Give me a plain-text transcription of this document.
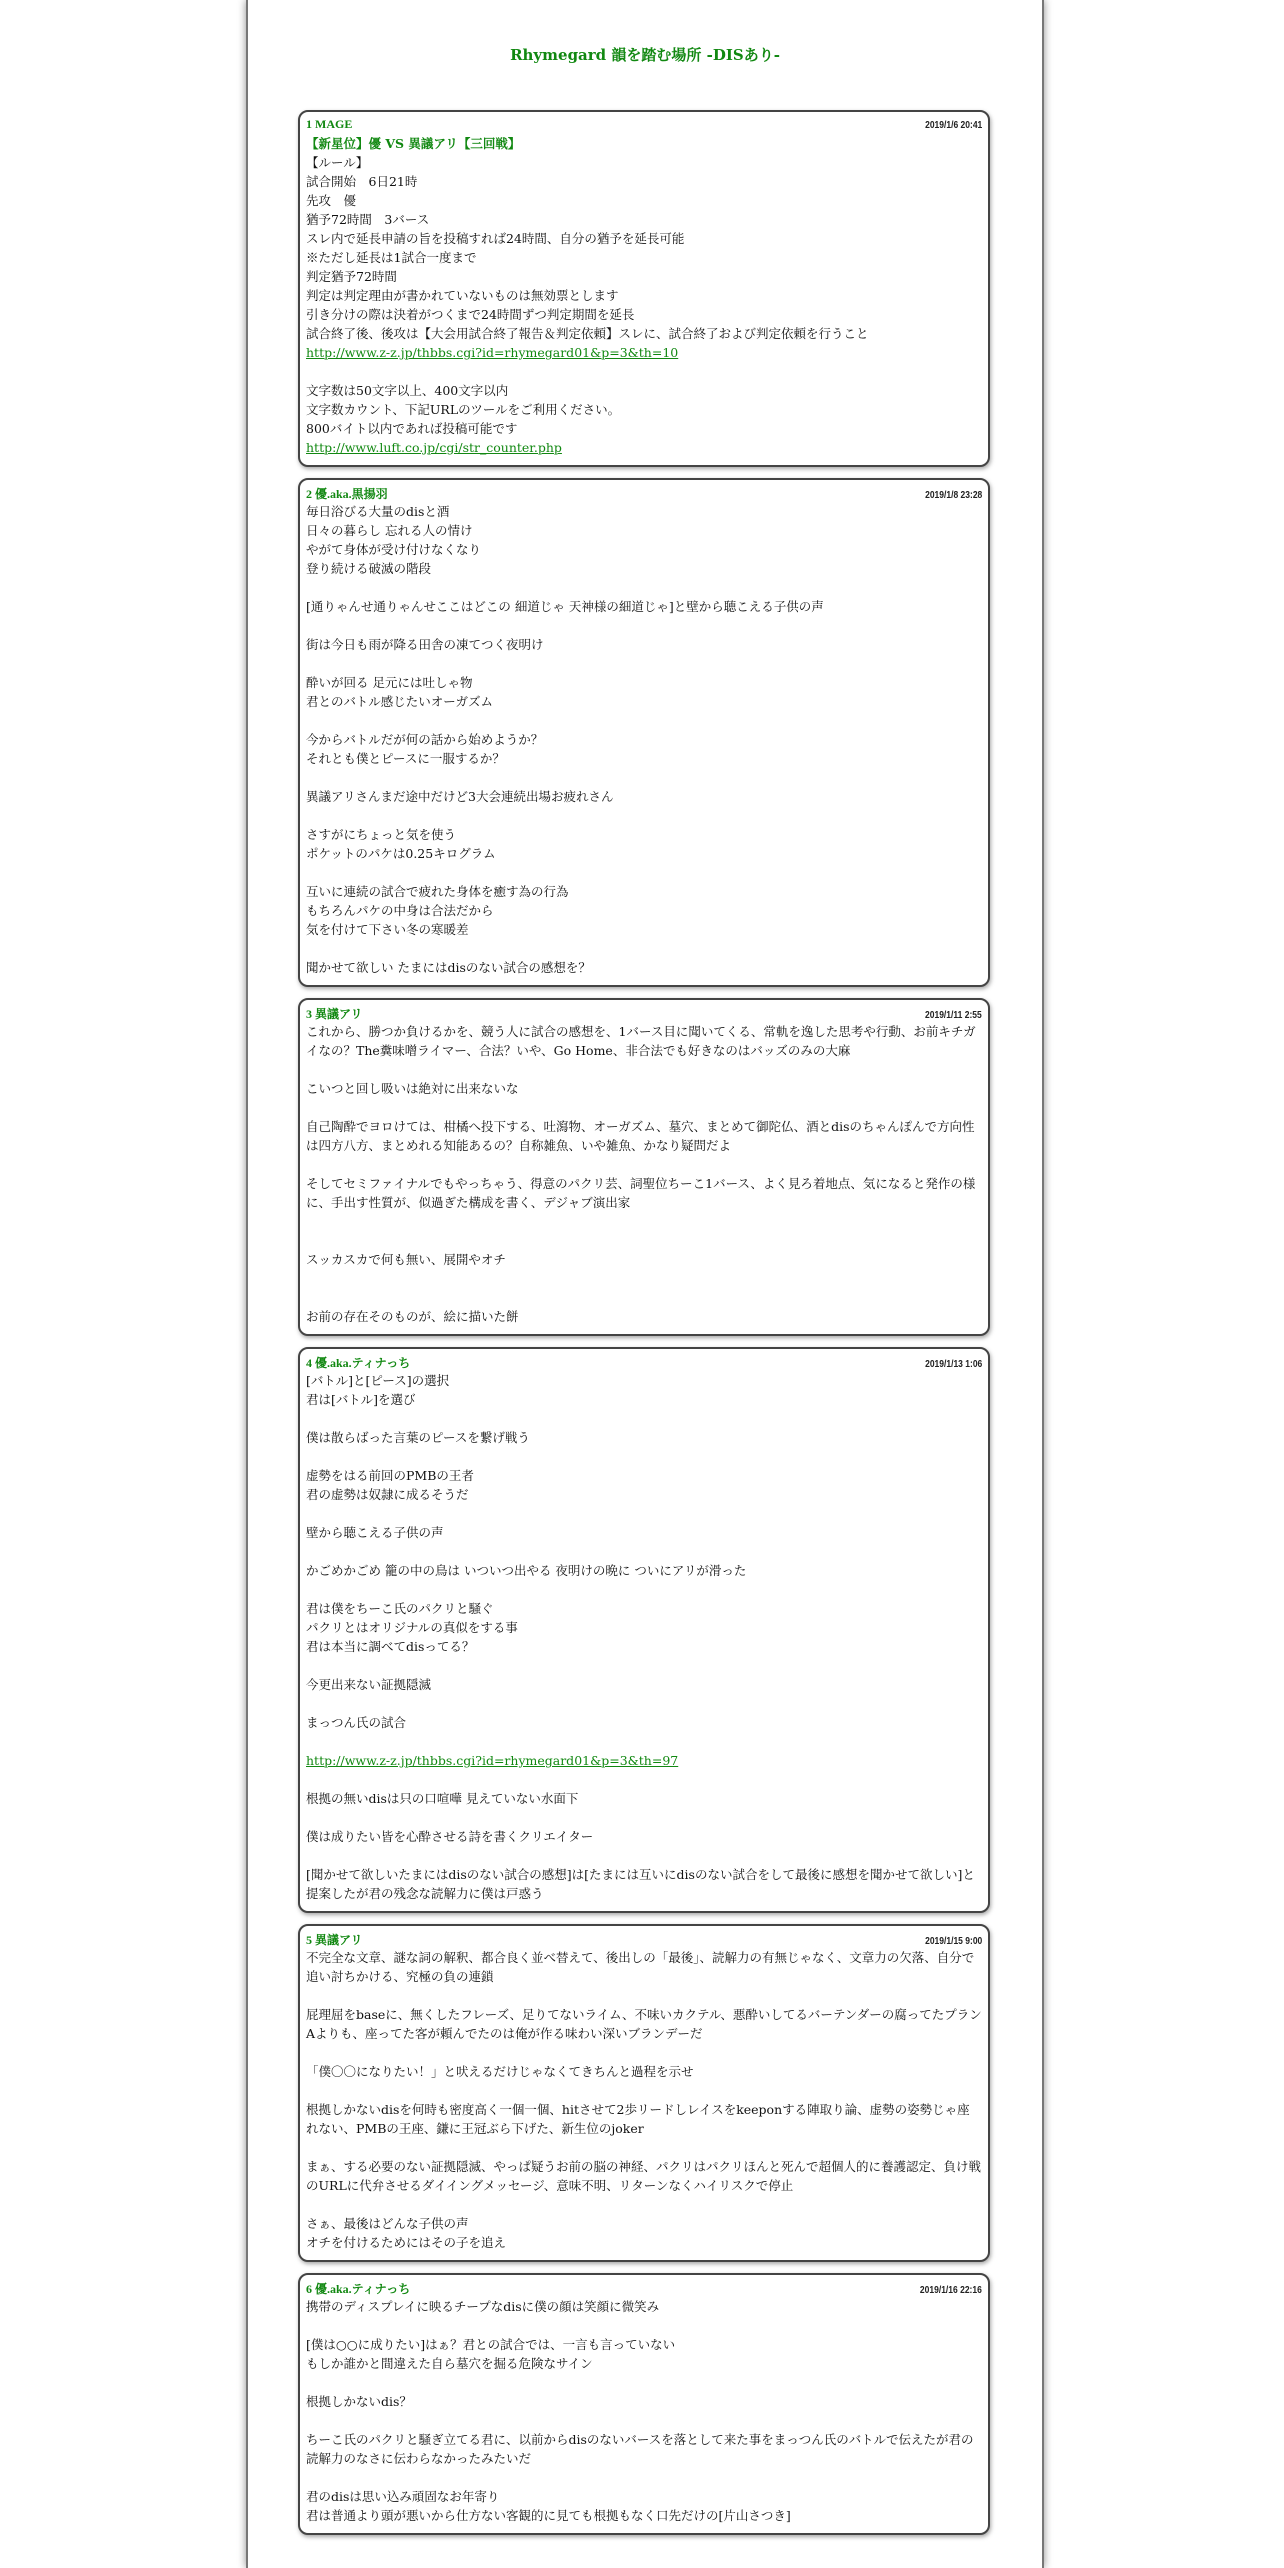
Rhymegard 韻を踏む場所 -DISあり-
1 MAGE	2019/1/6 20:41
【新星位】優 VS 異議アリ【三回戦】
【ルール】
試合開始　6日21時
先攻　優
猶予72時間　3バース
スレ内で延長申請の旨を投稿すれば24時間、自分の猶予を延長可能
※ただし延長は1試合一度まで
判定猶予72時間
判定は判定理由が書かれていないものは無効票とします
引き分けの際は決着がつくまで24時間ずつ判定期間を延長
試合終了後、後攻は【大会用試合終了報告＆判定依頼】スレに、試合終了および判定依頼を行うこと
http://www.z-z.jp/thbbs.cgi?id=rhymegard01&p=3&th=10
文字数は50文字以上、400文字以内
文字数カウント、下記URLのツールをご利用ください。
800バイト以内であれば投稿可能です
http://www.luft.co.jp/cgi/str_counter.php
2 優.aka.黒揚羽	2019/1/8 23:28
毎日浴びる大量のdisと酒
日々の暮らし 忘れる人の情け
やがて身体が受け付けなくなり
登り続ける破滅の階段
[通りゃんせ通りゃんせここはどこの 細道じゃ 天神様の細道じゃ]と壁から聴こえる子供の声
街は今日も雨が降る田舎の凍てつく夜明け
酔いが回る 足元には吐しゃ物
君とのバトル感じたいオーガズム
今からバトルだが何の話から始めようか？
それとも僕とピースに一服するか？
異議アリさんまだ途中だけど3大会連続出場お疲れさん
さすがにちょっと気を使う
ポケットのパケは0.25キログラム
互いに連続の試合で疲れた身体を癒す為の行為
もちろんパケの中身は合法だから
気を付けて下さい冬の寒暖差
聞かせて欲しい たまにはdisのない試合の感想を？
3 異議アリ	2019/1/11 2:55
これから、勝つか負けるかを、競う人に試合の感想を、1バース目に聞いてくる、常軌を逸した思考や行動、お前キチガイなの？The糞味噌ライマー、合法？いや、Go Home、非合法でも好きなのはバッズのみの大麻
こいつと回し吸いは絶対に出来ないな
自己陶酔でヨロけては、柑橘へ投下する、吐瀉物、オーガズム、墓穴、まとめて御陀仏、酒とdisのちゃんぽんで方向性は四方八方、まとめれる知能あるの？自称雑魚、いや雑魚、かなり疑問だよ
そしてセミファイナルでもやっちゃう、得意のパクリ芸、詞聖位ちーこ1バース、よく見ろ着地点、気になると発作の様に、手出す性質が、似過ぎた構成を書く、デジャブ演出家
スッカスカで何も無い、展開やオチ
お前の存在そのものが、絵に描いた餅
4 優.aka.ティナっち	2019/1/13 1:06
[バトル]と[ピース]の選択
君は[バトル]を選び
僕は散らばった言葉のピースを繋げ戦う
虚勢をはる前回のPMBの王者
君の虚勢は奴隷に成るそうだ
壁から聴こえる子供の声
かごめかごめ 籠の中の鳥は いついつ出やる 夜明けの晩に ついにアリが滑った
君は僕をちーこ氏のパクリと騒ぐ
パクリとはオリジナルの真似をする事
君は本当に調べてdisってる？
今更出来ない証拠隠滅
まっつん氏の試合
http://www.z-z.jp/thbbs.cgi?id=rhymegard01&p=3&th=97
根拠の無いdisは只の口喧嘩 見えていない水面下
僕は成りたい皆を心酔させる詩を書くクリエイター
[聞かせて欲しいたまにはdisのない試合の感想]は[たまには互いにdisのない試合をして最後に感想を聞かせて欲しい]と提案したが君の残念な読解力に僕は戸惑う
5 異議アリ	2019/1/15 9:00
不完全な文章、謎な詞の解釈、都合良く並べ替えて、後出しの「最後」、読解力の有無じゃなく、文章力の欠落、自分で追い討ちかける、究極の負の連鎖
屁理屈をbaseに、無くしたフレーズ、足りてないライム、不味いカクテル、悪酔いしてるバーテンダーの腐ってたプランAよりも、座ってた客が頼んでたのは俺が作る味わい深いブランデーだ
「僕〇〇になりたい！」と吠えるだけじゃなくてきちんと過程を示せ
根拠しかないdisを何時も密度高く一個一個、hitさせて2歩リードしレイスをkeeponする陣取り論、虚勢の姿勢じゃ座れない、PMBの王座、鎌に王冠ぶら下げた、新生位のjoker
まぁ、する必要のない証拠隠滅、やっぱ疑うお前の脳の神経、パクリはパクリほんと死んで超個人的に養護認定、負け戦のURLに代弁させるダイイングメッセージ、意味不明、リターンなくハイリスクで停止
さぁ、最後はどんな子供の声
オチを付けるためにはその子を追え
6 優.aka.ティナっち	2019/1/16 22:16
携帯のディスプレイに映るチープなdisに僕の顔は笑顔に微笑み
[僕は○○に成りたい]はぁ？君との試合では、一言も言っていない
もしか誰かと間違えた自ら墓穴を掘る危険なサイン
根拠しかないdis？
ちーこ氏のパクリと騒ぎ立てる君に、以前からdisのないバースを落として来た事をまっつん氏のバトルで伝えたが君の読解力のなさに伝わらなかったみたいだ
君のdisは思い込み頑固なお年寄り
君は普通より頭が悪いから仕方ない客観的に見ても根拠もなく口先だけの[片山さつき]
